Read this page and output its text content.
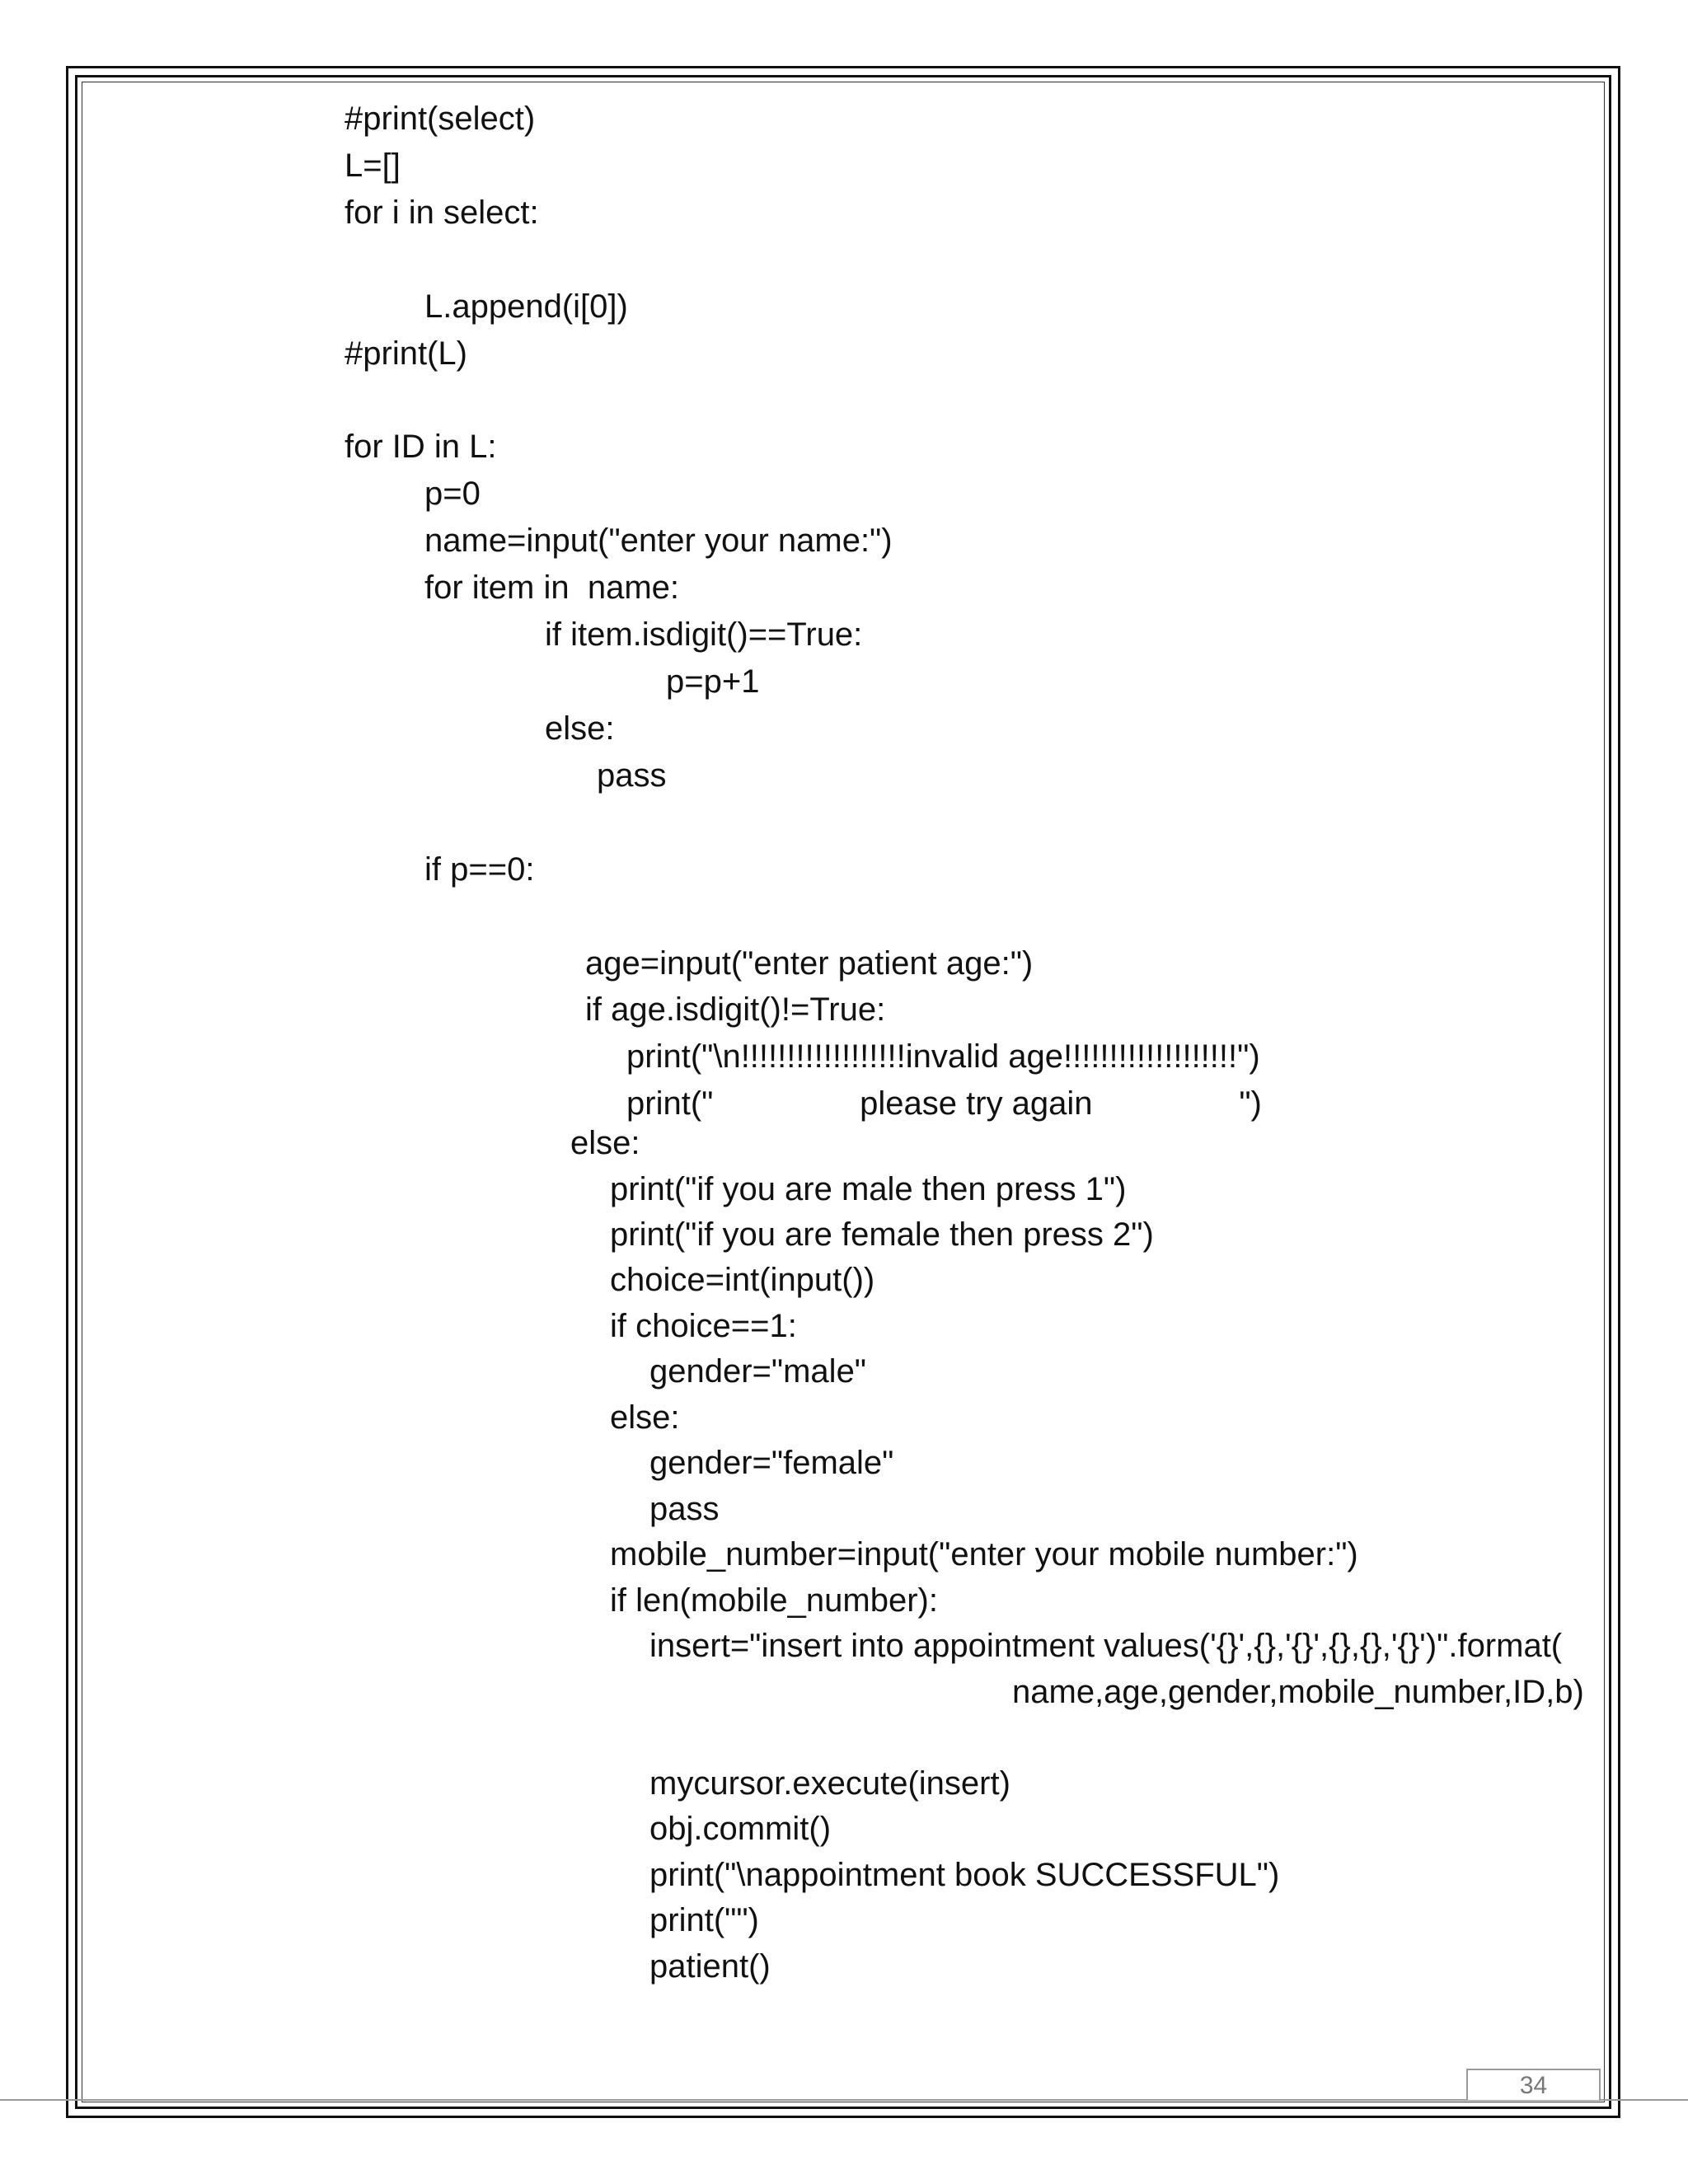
#print(select)
L=[]
for i in select:
L.append(i[0])
#print(L)
for ID in L:
p=0
name=input("enter your name:")
for item in  name:
if item.isdigit()==True:
p=p+1
else:
pass
if p==0:
age=input("enter patient age:")
if age.isdigit()!=True:
print("\n!!!!!!!!!!!!!!!!!!invalid age!!!!!!!!!!!!!!!!!!!")
print("                please try again                ")
else:
print("if you are male then press 1")
print("if you are female then press 2")
choice=int(input())
if choice==1:
gender="male"
else:
gender="female"
pass
mobile_number=input("enter your mobile number:")
if len(mobile_number):
insert="insert into appointment values('{}',{},'{}',{},{},'{}')".format(
name,age,gender,mobile_number,ID,b)
mycursor.execute(insert)
obj.commit()
print("\nappointment book SUCCESSFUL")
print("")
patient()
34
